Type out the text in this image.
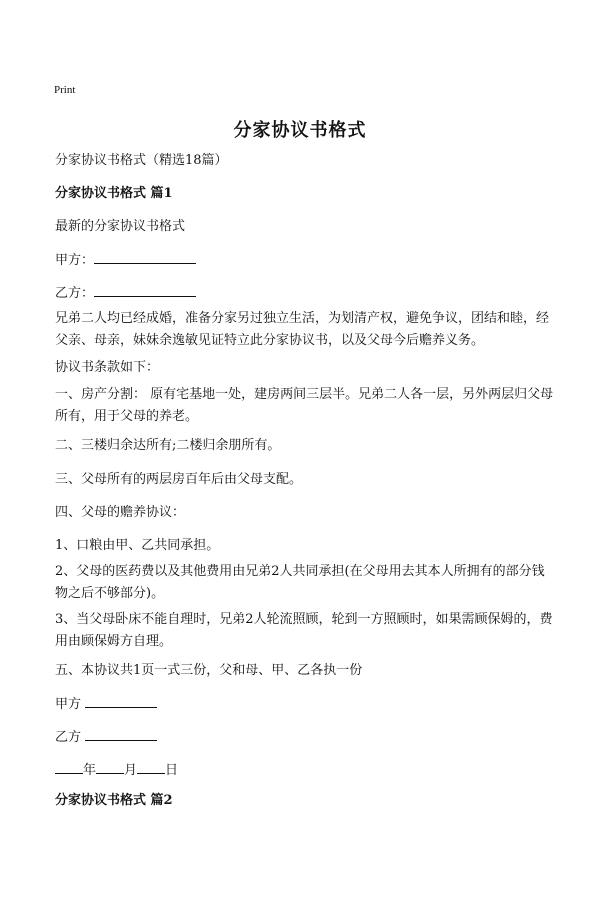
Print
分家协议书格式
分家协议书格式（精选18篇）
分家协议书格式 篇1
最新的分家协议书格式
甲方：
乙方：
兄弟二人均已经成婚，准备分家另过独立生活，为划清产权，避免争议，团结和睦，经父亲、母亲，妹妹余逸敏见证特立此分家协议书，以及父母今后赡养义务。
协议书条款如下：
一、房产分割： 原有宅基地一处，建房两间三层半。兄弟二人各一层，另外两层归父母所有，用于父母的养老。
二、三楼归余达所有;二楼归余朋所有。
三、父母所有的两层房百年后由父母支配。
四、父母的赡养协议：
1、口粮由甲、乙共同承担。
2、父母的医药费以及其他费用由兄弟2人共同承担(在父母用去其本人所拥有的部分钱物之后不够部分)。
3、当父母卧床不能自理时，兄弟2人轮流照顾，轮到一方照顾时，如果需顾保姆的，费用由顾保姆方自理。
五、本协议共1页一式三份，父和母、甲、乙各执一份
甲方
乙方
年 月 日
分家协议书格式 篇2
